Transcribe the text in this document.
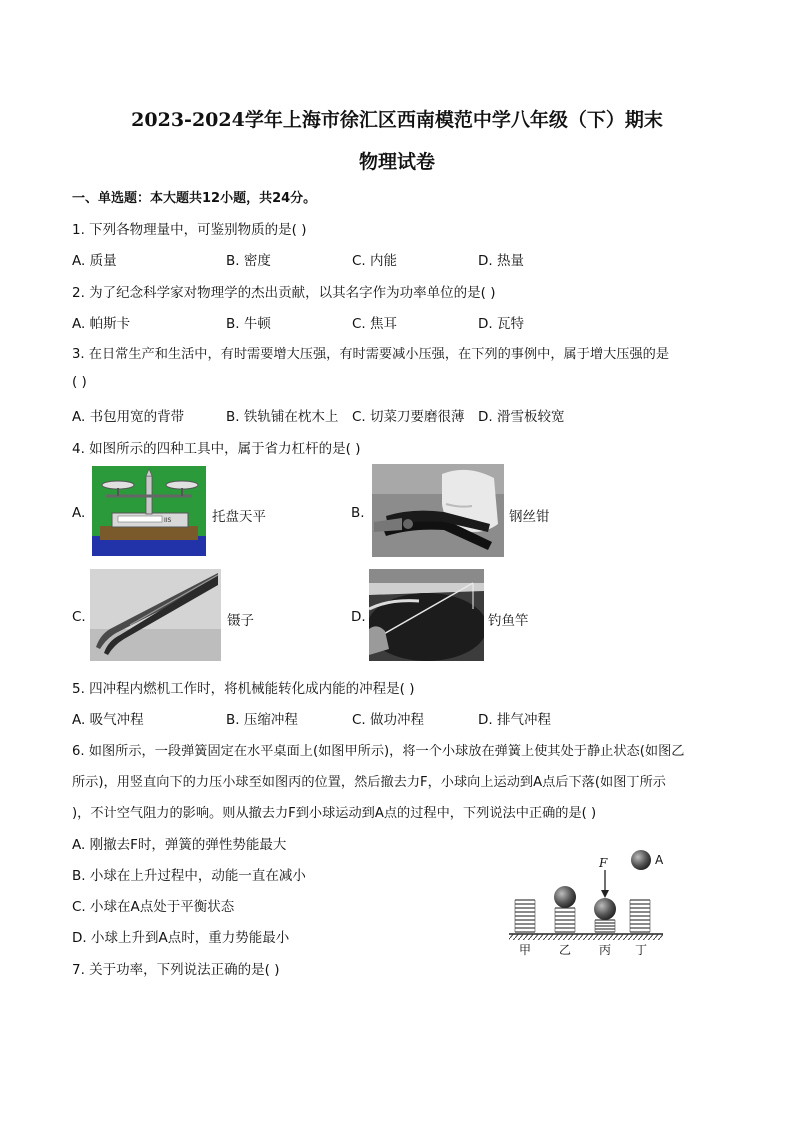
2023-2024学年上海市徐汇区西南模范中学八年级（下）期末
物理试卷
一、单选题：本大题共12小题，共24分。
1. 下列各物理量中，可鉴别物质的是( )
A. 质量	B. 密度	C. 内能	D. 热量
2. 为了纪念科学家对物理学的杰出贡献，以其名字作为功率单位的是( )
A. 帕斯卡	B. 牛顿	C. 焦耳	D. 瓦特
3. 在日常生产和生活中，有时需要增大压强，有时需要减小压强，在下列的事例中，属于增大压强的是
( )
A. 书包用宽的背带	B. 铁轨铺在枕木上 C. 切菜刀要磨很薄 D. 滑雪板较宽
4. 如图所示的四种工具中，属于省力杠杆的是( )
A.	IIS	托盘天平	B.	钢丝钳
C.	镊子	D.	钓鱼竿
5. 四冲程内燃机工作时，将机械能转化成内能的冲程是( )
A. 吸气冲程	B. 压缩冲程	C. 做功冲程	D. 排气冲程
6. 如图所示，一段弹簧固定在水平桌面上(如图甲所示)，将一个小球放在弹簧上使其处于静止状态(如图乙
所示)，用竖直向下的力压小球至如图丙的位置，然后撤去力F，小球向上运动到A点后下落(如图丁所示
)，不计空气阻力的影响。则从撤去力F到小球运动到A点的过程中，下列说法中正确的是( )
A. 刚撤去F时，弹簧的弹性势能最大
B. 小球在上升过程中，动能一直在减小
C. 小球在A点处于平衡状态
D. 小球上升到A点时，重力势能最小
F	A
甲 乙 丙 丁
7. 关于功率，下列说法正确的是( )
